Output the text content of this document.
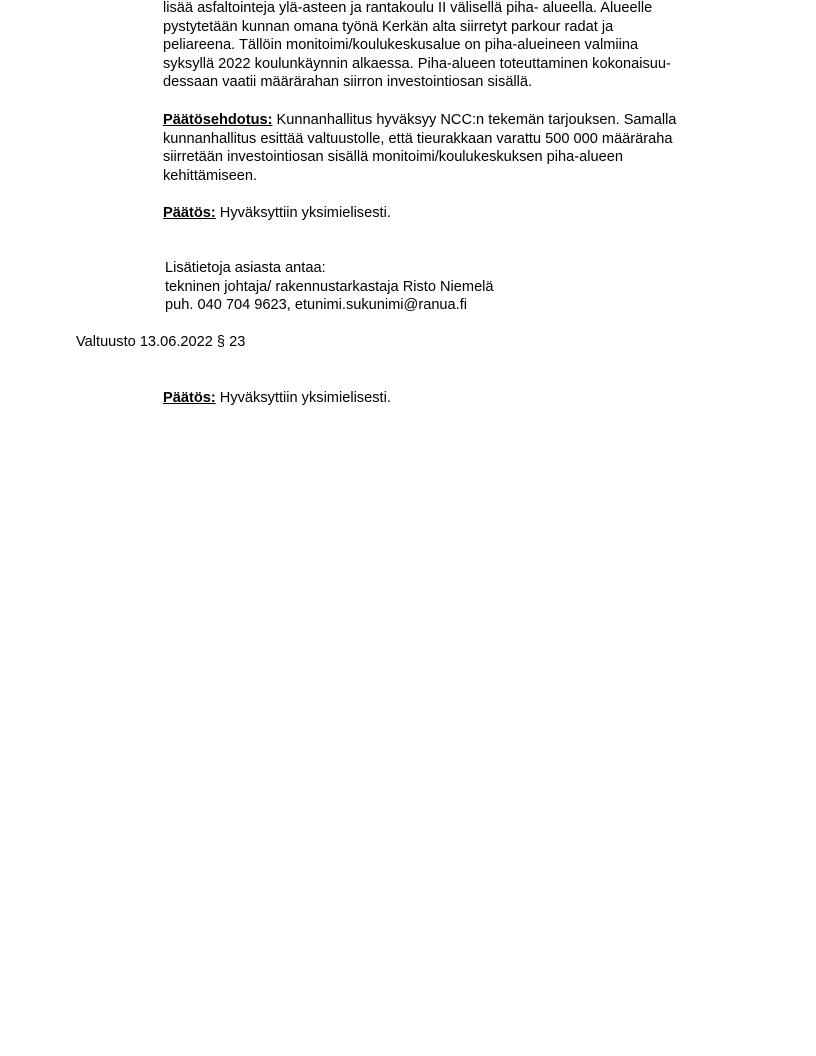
lisää asfaltointeja ylä-asteen ja rantakoulu II välisellä piha- alueella. Alueelle
pystytetään kunnan omana työnä Kerkän alta siirretyt parkour radat ja
peliareena. Tällöin monitoimi/koulukeskusalue on piha-alueineen valmiina
syksyllä 2022 koulunkäynnin alkaessa. Piha-alueen toteuttaminen kokonaisuu-
dessaan vaatii määrärahan siirron investointiosan sisällä.
Päätösehdotus: Kunnanhallitus hyväksyy NCC:n tekemän tarjouksen. Samalla
kunnanhallitus esittää valtuustolle, että tieurakkaan varattu 500 000 määräraha
siirretään investointiosan sisällä monitoimi/koulukeskuksen piha-alueen
kehittämiseen.
Päätös: Hyväksyttiin yksimielisesti.
Lisätietoja asiasta antaa:
tekninen johtaja/ rakennustarkastaja Risto Niemelä
puh. 040 704 9623, etunimi.sukunimi@ranua.fi
Valtuusto 13.06.2022 § 23
Päätös: Hyväksyttiin yksimielisesti.
